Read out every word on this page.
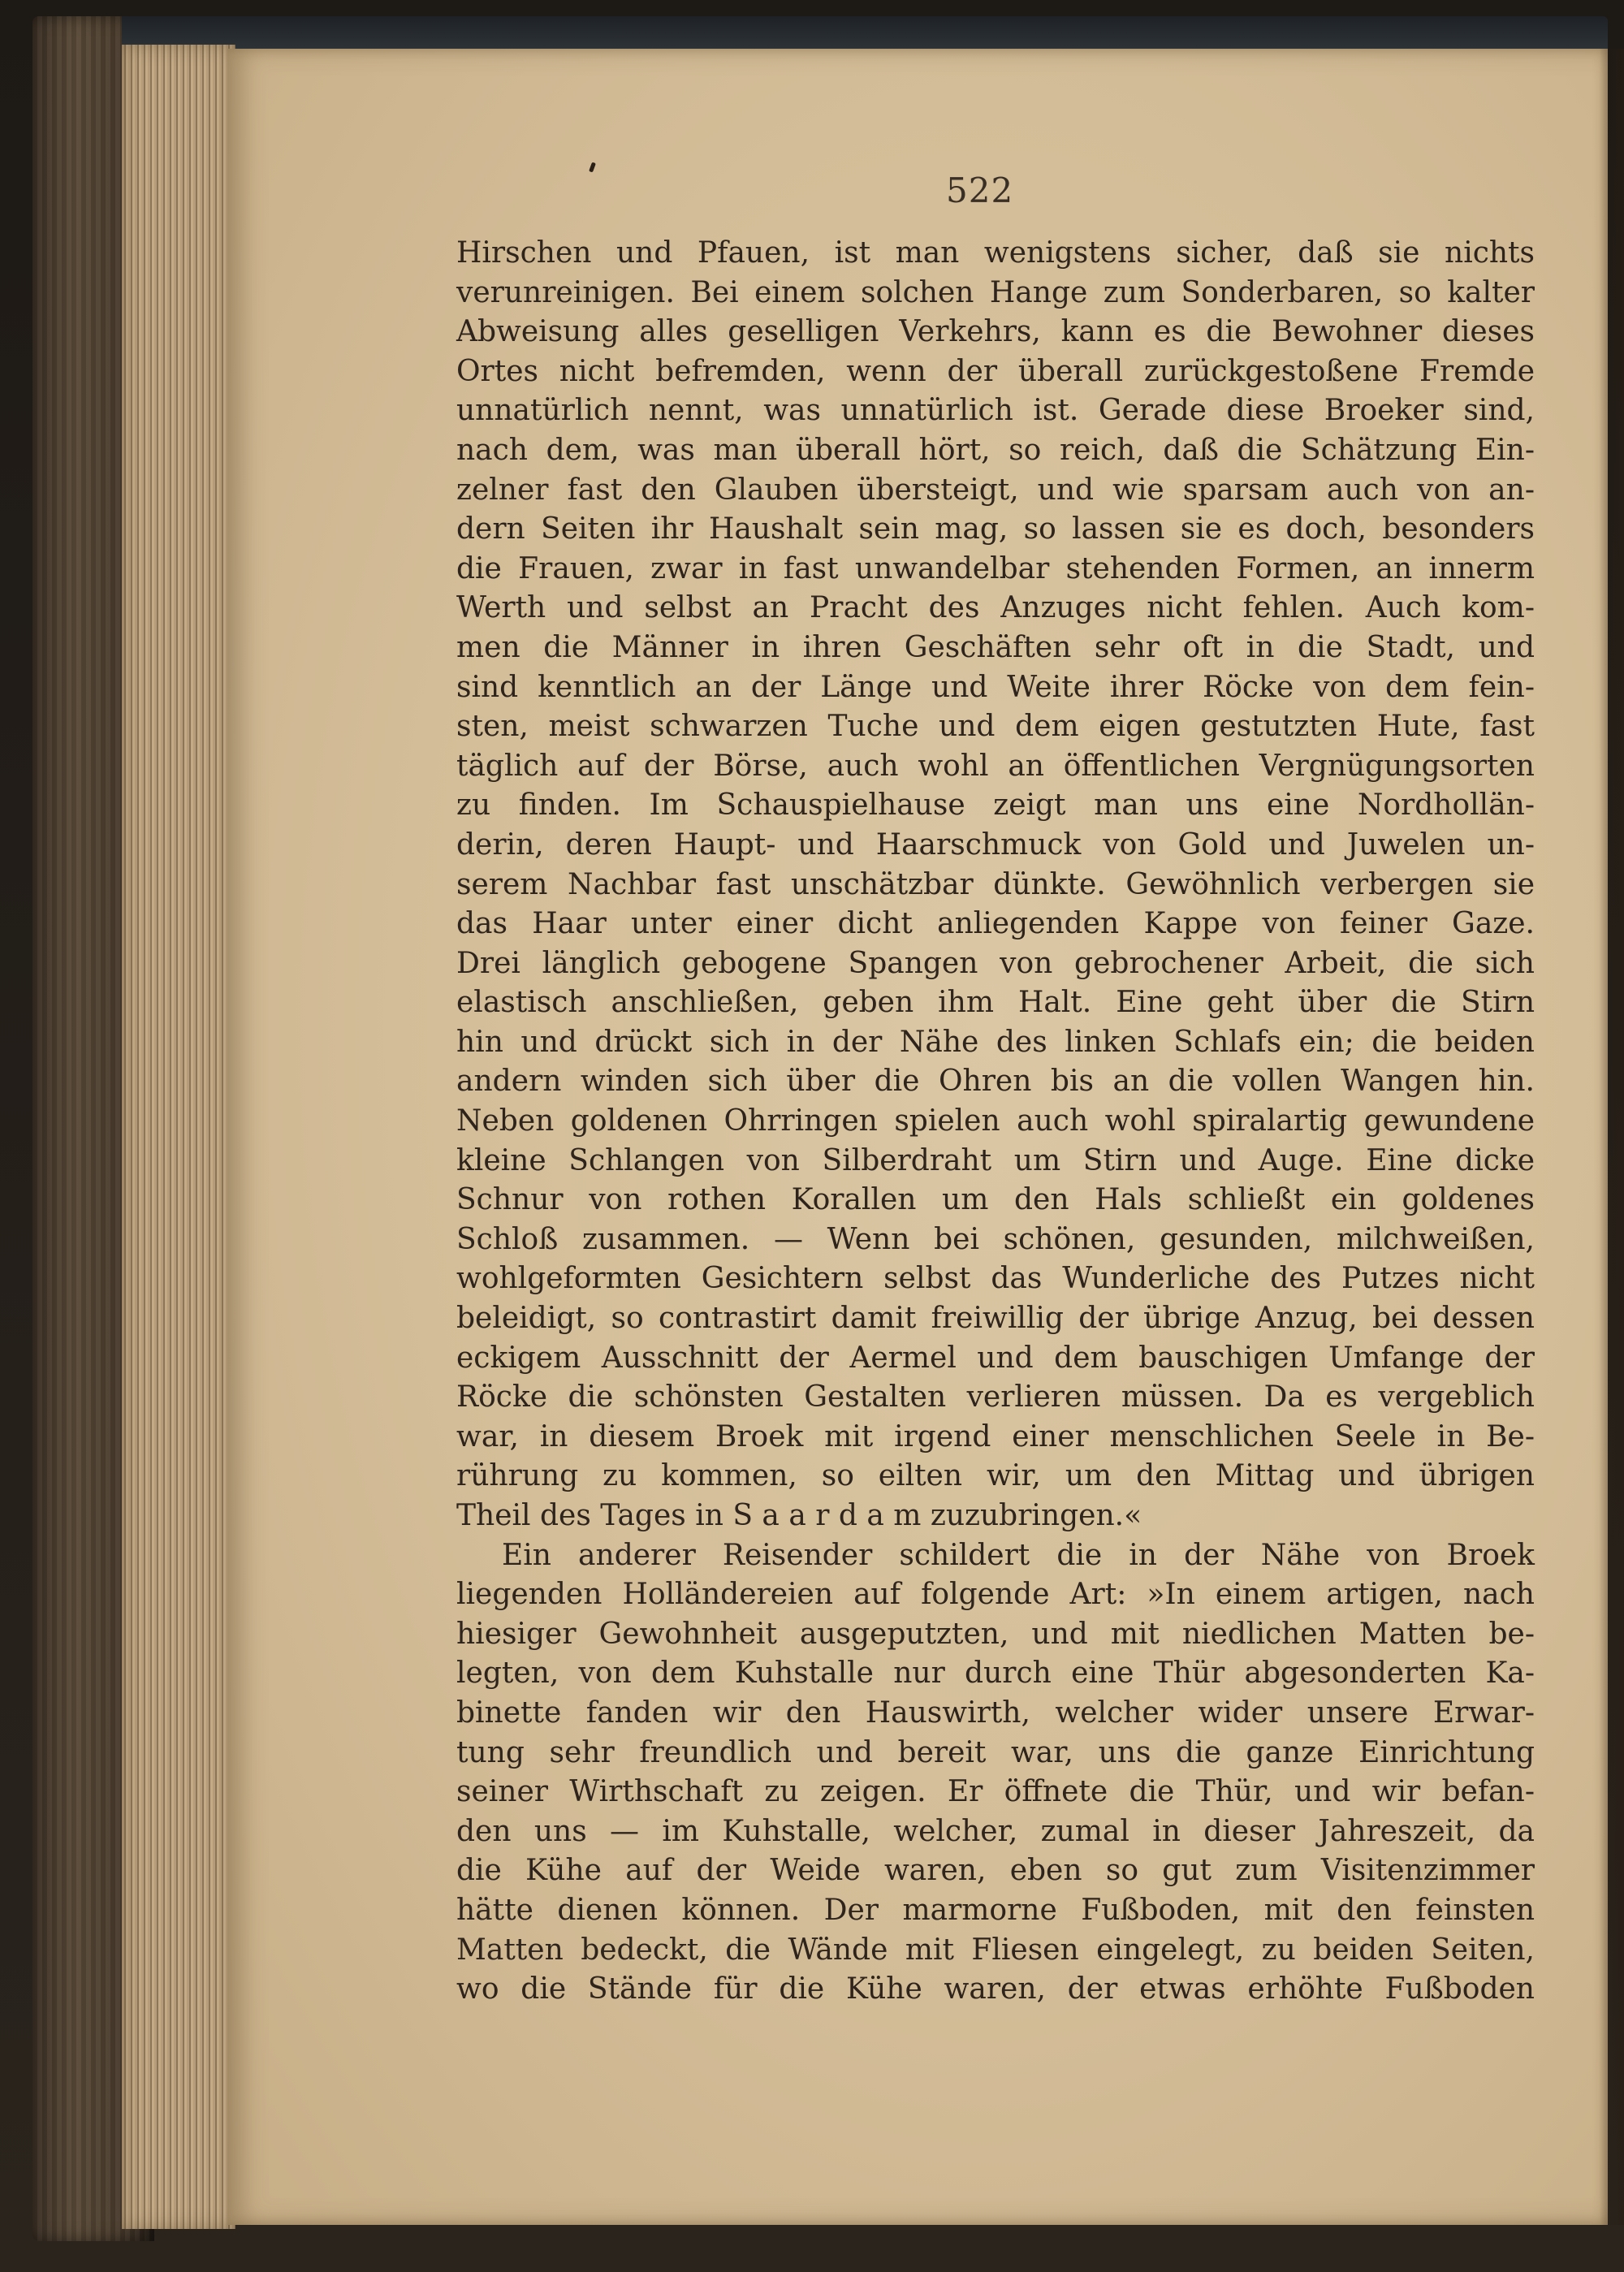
522
Hirschen und Pfauen, ist man wenigstens sicher, daß sie nichts
verunreinigen. Bei einem solchen Hange zum Sonderbaren, so kalter
Abweisung alles geselligen Verkehrs, kann es die Bewohner dieses
Ortes nicht befremden, wenn der überall zurückgestoßene Fremde
unnatürlich nennt, was unnatürlich ist. Gerade diese Broeker sind,
nach dem, was man überall hört, so reich, daß die Schätzung Ein-
zelner fast den Glauben übersteigt, und wie sparsam auch von an-
dern Seiten ihr Haushalt sein mag, so lassen sie es doch, besonders
die Frauen, zwar in fast unwandelbar stehenden Formen, an innerm
Werth und selbst an Pracht des Anzuges nicht fehlen. Auch kom-
men die Männer in ihren Geschäften sehr oft in die Stadt, und
sind kenntlich an der Länge und Weite ihrer Röcke von dem fein-
sten, meist schwarzen Tuche und dem eigen gestutzten Hute, fast
täglich auf der Börse, auch wohl an öffentlichen Vergnügungsorten
zu finden. Im Schauspielhause zeigt man uns eine Nordhollän-
derin, deren Haupt- und Haarschmuck von Gold und Juwelen un-
serem Nachbar fast unschätzbar dünkte. Gewöhnlich verbergen sie
das Haar unter einer dicht anliegenden Kappe von feiner Gaze.
Drei länglich gebogene Spangen von gebrochener Arbeit, die sich
elastisch anschließen, geben ihm Halt. Eine geht über die Stirn
hin und drückt sich in der Nähe des linken Schlafs ein; die beiden
andern winden sich über die Ohren bis an die vollen Wangen hin.
Neben goldenen Ohrringen spielen auch wohl spiralartig gewundene
kleine Schlangen von Silberdraht um Stirn und Auge. Eine dicke
Schnur von rothen Korallen um den Hals schließt ein goldenes
Schloß zusammen. — Wenn bei schönen, gesunden, milchweißen,
wohlgeformten Gesichtern selbst das Wunderliche des Putzes nicht
beleidigt, so contrastirt damit freiwillig der übrige Anzug, bei dessen
eckigem Ausschnitt der Aermel und dem bauschigen Umfange der
Röcke die schönsten Gestalten verlieren müssen. Da es vergeblich
war, in diesem Broek mit irgend einer menschlichen Seele in Be-
rührung zu kommen, so eilten wir, um den Mittag und übrigen
Theil des Tages in S a a r d a m zuzubringen.«
Ein anderer Reisender schildert die in der Nähe von Broek
liegenden Holländereien auf folgende Art: »In einem artigen, nach
hiesiger Gewohnheit ausgeputzten, und mit niedlichen Matten be-
legten, von dem Kuhstalle nur durch eine Thür abgesonderten Ka-
binette fanden wir den Hauswirth, welcher wider unsere Erwar-
tung sehr freundlich und bereit war, uns die ganze Einrichtung
seiner Wirthschaft zu zeigen. Er öffnete die Thür, und wir befan-
den uns — im Kuhstalle, welcher, zumal in dieser Jahreszeit, da
die Kühe auf der Weide waren, eben so gut zum Visitenzimmer
hätte dienen können. Der marmorne Fußboden, mit den feinsten
Matten bedeckt, die Wände mit Fliesen eingelegt, zu beiden Seiten,
wo die Stände für die Kühe waren, der etwas erhöhte Fußboden
